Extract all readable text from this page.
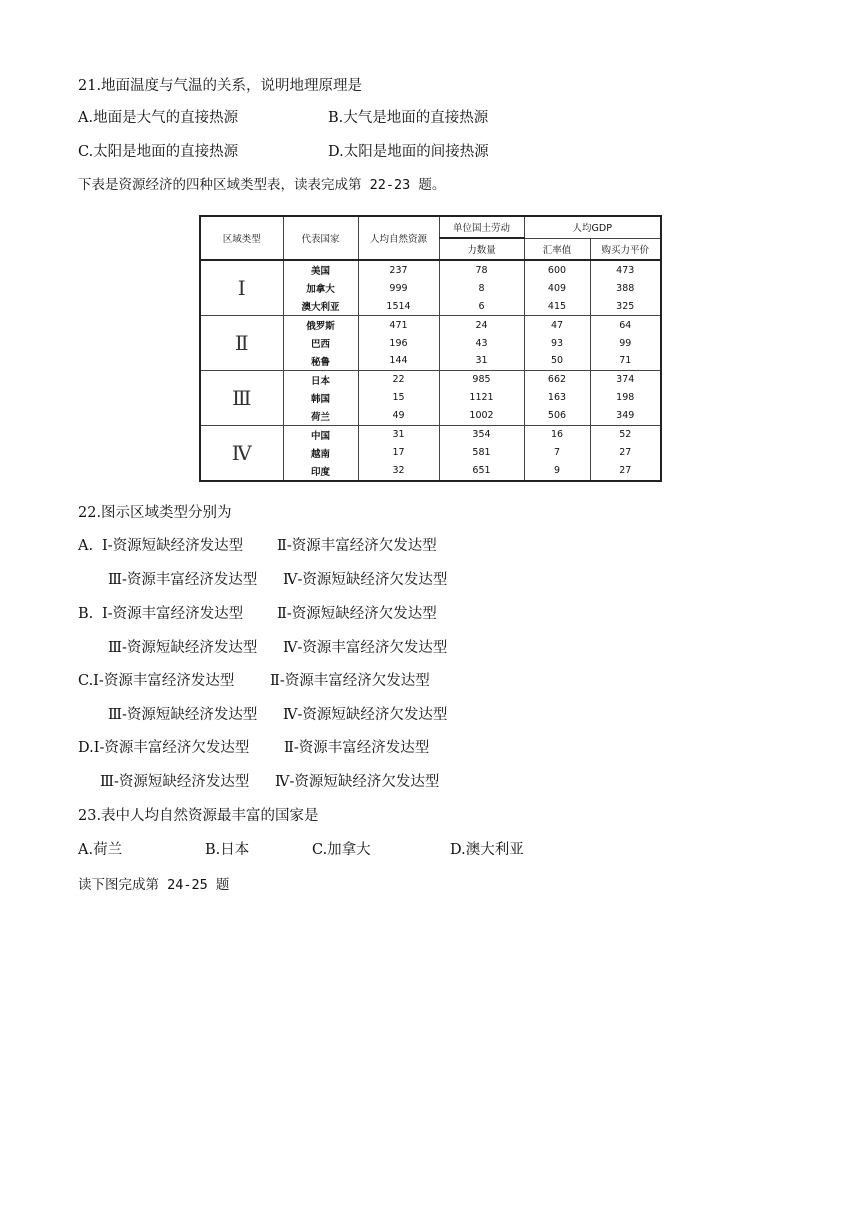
21.地面温度与气温的关系，说明地理原理是
A.地面是大气的直接热源	B.大气是地面的直接热源
C.太阳是地面的直接热源	D.太阳是地面的间接热源
下表是资源经济的四种区域类型表，读表完成第 22-23 题。
区域类型	代表国家	人均自然资源	单位国土劳动	人均GDP	
			力数量	汇率值	购买力平价
Ⅰ	美国	237	78	600	473
	加拿大	999	8	409	388
	澳大利亚	1514	6	415	325
Ⅱ	俄罗斯	471	24	47	64
	巴西	196	43	93	99
	秘鲁	144	31	50	71
Ⅲ	日本	22	985	662	374
	韩国	15	1121	163	198
	荷兰	49	1002	506	349
Ⅳ	中国	31	354	16	52
	越南	17	581	7	27
	印度	32	651	9	27
22.图示区域类型分别为
A. Ⅰ-资源短缺经济发达型 Ⅱ-资源丰富经济欠发达型
Ⅲ-资源丰富经济发达型 Ⅳ-资源短缺经济欠发达型
B. Ⅰ-资源丰富经济发达型 Ⅱ-资源短缺经济欠发达型
Ⅲ-资源短缺经济发达型 Ⅳ-资源丰富经济欠发达型
C.Ⅰ-资源丰富经济发达型 Ⅱ-资源丰富经济欠发达型
Ⅲ-资源短缺经济发达型 Ⅳ-资源短缺经济欠发达型
D.Ⅰ-资源丰富经济欠发达型 Ⅱ-资源丰富经济发达型
Ⅲ-资源短缺经济发达型 Ⅳ-资源短缺经济欠发达型
23.表中人均自然资源最丰富的国家是
A.荷兰	B.日本	C.加拿大	D.澳大利亚
读下图完成第 24-25 题
